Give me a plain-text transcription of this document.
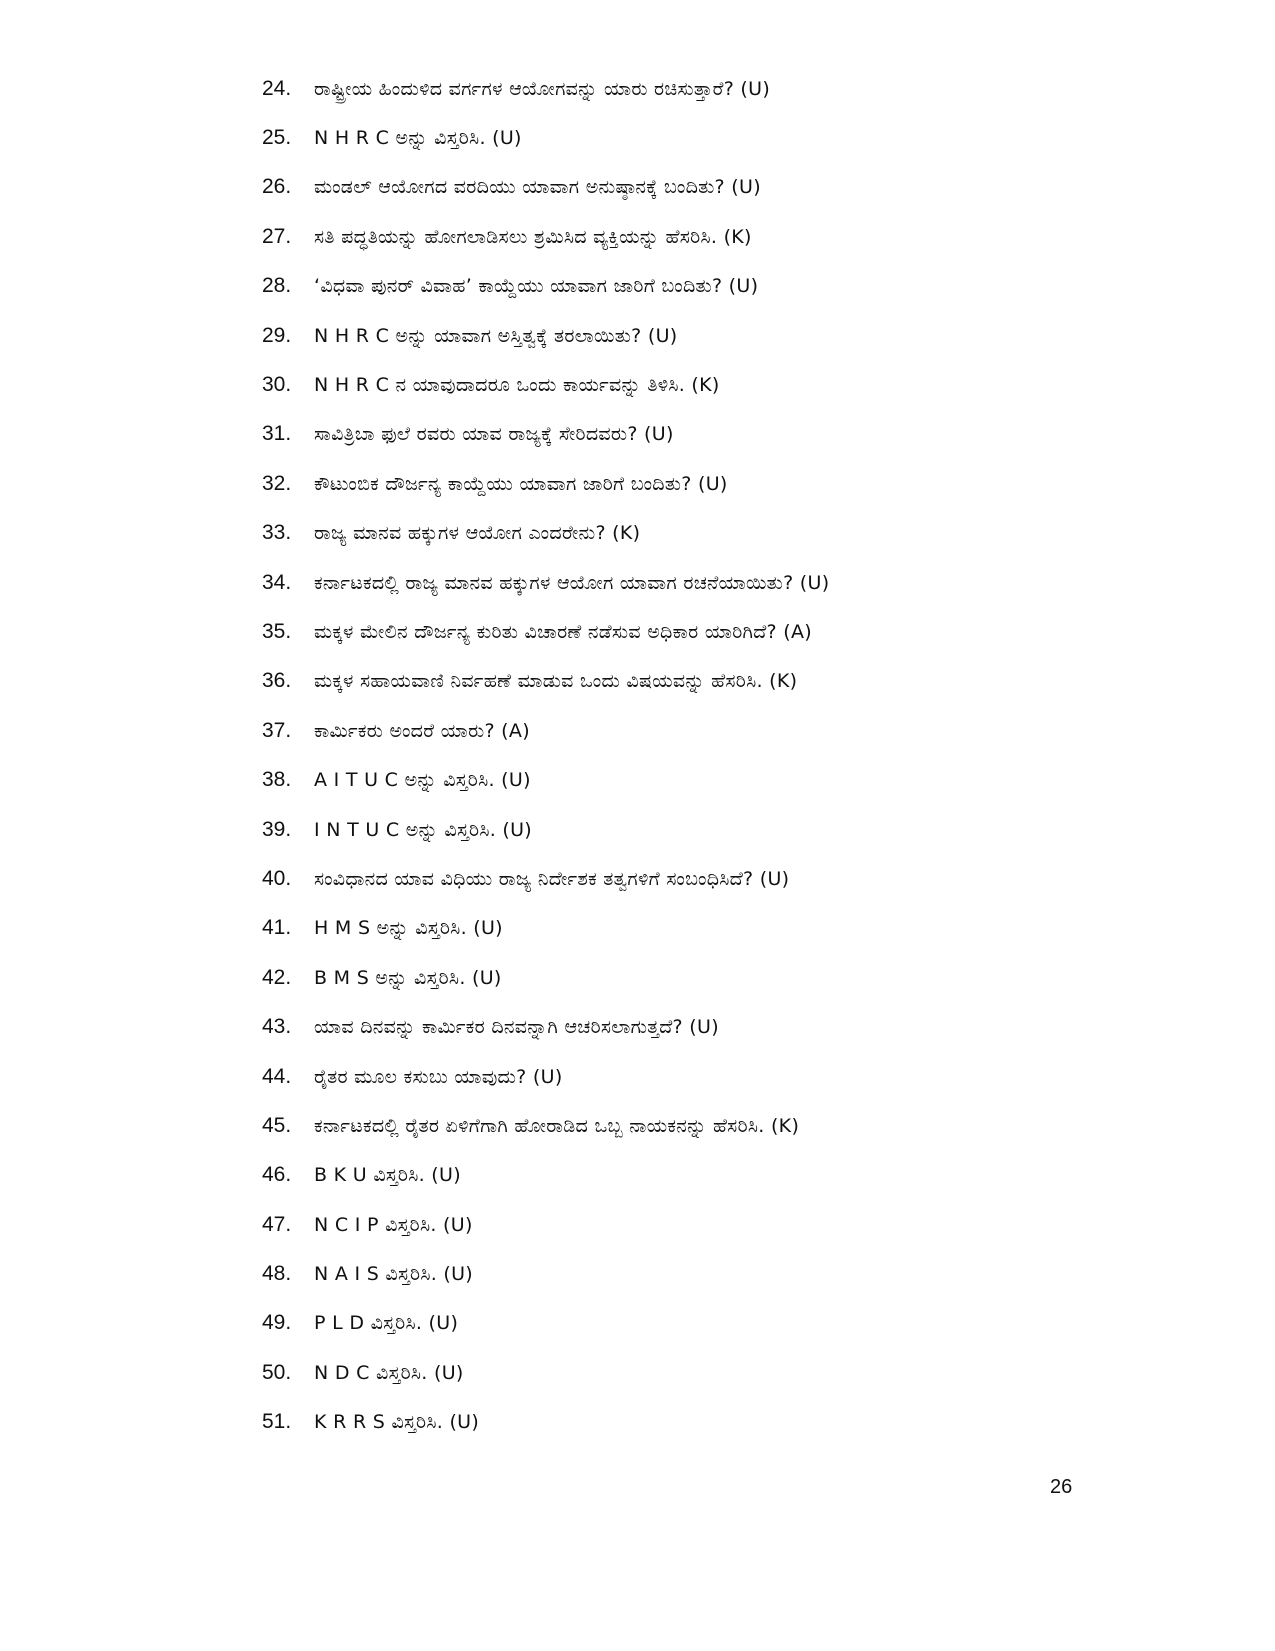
24.	ರಾಷ್ಟ್ರೀಯ ಹಿಂದುಳಿದ ವರ್ಗಗಳ ಆಯೋಗವನ್ನು ಯಾರು ರಚಿಸುತ್ತಾರೆ? (U)
25.	N H R C ಅನ್ನು ವಿಸ್ತರಿಸಿ. (U)
26.	ಮಂಡಲ್ ಆಯೋಗದ ವರದಿಯು ಯಾವಾಗ ಅನುಷ್ಠಾನಕ್ಕೆ ಬಂದಿತು? (U)
27.	ಸತಿ ಪದ್ಧತಿಯನ್ನು ಹೋಗಲಾಡಿಸಲು ಶ್ರಮಿಸಿದ ವ್ಯಕ್ತಿಯನ್ನು ಹೆಸರಿಸಿ. (K)
28.	‘ವಿಧವಾ ಪುನರ್ ವಿವಾಹ’ ಕಾಯ್ದೆಯು ಯಾವಾಗ ಜಾರಿಗೆ ಬಂದಿತು? (U)
29.	N H R C ಅನ್ನು ಯಾವಾಗ ಅಸ್ತಿತ್ವಕ್ಕೆ ತರಲಾಯಿತು? (U)
30.	N H R C ನ ಯಾವುದಾದರೂ ಒಂದು ಕಾರ್ಯವನ್ನು ತಿಳಿಸಿ. (K)
31.	ಸಾವಿತ್ರಿಬಾ ಫುಲೆ ರವರು ಯಾವ ರಾಜ್ಯಕ್ಕೆ ಸೇರಿದವರು? (U)
32.	ಕೌಟುಂಬಿಕ ದೌರ್ಜನ್ಯ ಕಾಯ್ದೆಯು ಯಾವಾಗ ಜಾರಿಗೆ ಬಂದಿತು? (U)
33.	ರಾಜ್ಯ ಮಾನವ ಹಕ್ಕುಗಳ ಆಯೋಗ ಎಂದರೇನು? (K)
34.	ಕರ್ನಾಟಕದಲ್ಲಿ ರಾಜ್ಯ ಮಾನವ ಹಕ್ಕುಗಳ ಆಯೋಗ ಯಾವಾಗ ರಚನೆಯಾಯಿತು? (U)
35.	ಮಕ್ಕಳ ಮೇಲಿನ ದೌರ್ಜನ್ಯ ಕುರಿತು ವಿಚಾರಣೆ ನಡೆಸುವ ಅಧಿಕಾರ ಯಾರಿಗಿದೆ? (A)
36.	ಮಕ್ಕಳ ಸಹಾಯವಾಣಿ ನಿರ್ವಹಣೆ ಮಾಡುವ ಒಂದು ವಿಷಯವನ್ನು ಹೆಸರಿಸಿ. (K)
37.	ಕಾರ್ಮಿಕರು ಅಂದರೆ ಯಾರು? (A)
38.	A I T U C ಅನ್ನು ವಿಸ್ತರಿಸಿ. (U)
39.	I N T U C ಅನ್ನು ವಿಸ್ತರಿಸಿ. (U)
40.	ಸಂವಿಧಾನದ ಯಾವ ವಿಧಿಯು ರಾಜ್ಯ ನಿರ್ದೇಶಕ ತತ್ವಗಳಿಗೆ ಸಂಬಂಧಿಸಿದೆ? (U)
41.	H M S ಅನ್ನು ವಿಸ್ತರಿಸಿ. (U)
42.	B M S ಅನ್ನು ವಿಸ್ತರಿಸಿ. (U)
43.	ಯಾವ ದಿನವನ್ನು ಕಾರ್ಮಿಕರ ದಿನವನ್ನಾಗಿ ಆಚರಿಸಲಾಗುತ್ತದೆ? (U)
44.	ರೈತರ ಮೂಲ ಕಸುಬು ಯಾವುದು? (U)
45.	ಕರ್ನಾಟಕದಲ್ಲಿ ರೈತರ ಏಳಿಗೆಗಾಗಿ ಹೋರಾಡಿದ ಒಬ್ಬ ನಾಯಕನನ್ನು ಹೆಸರಿಸಿ. (K)
46.	B K U ವಿಸ್ತರಿಸಿ. (U)
47.	N C I P ವಿಸ್ತರಿಸಿ. (U)
48.	N A I S ವಿಸ್ತರಿಸಿ. (U)
49.	P L D ವಿಸ್ತರಿಸಿ. (U)
50.	N D C ವಿಸ್ತರಿಸಿ. (U)
51.	K R R S ವಿಸ್ತರಿಸಿ. (U)
26
